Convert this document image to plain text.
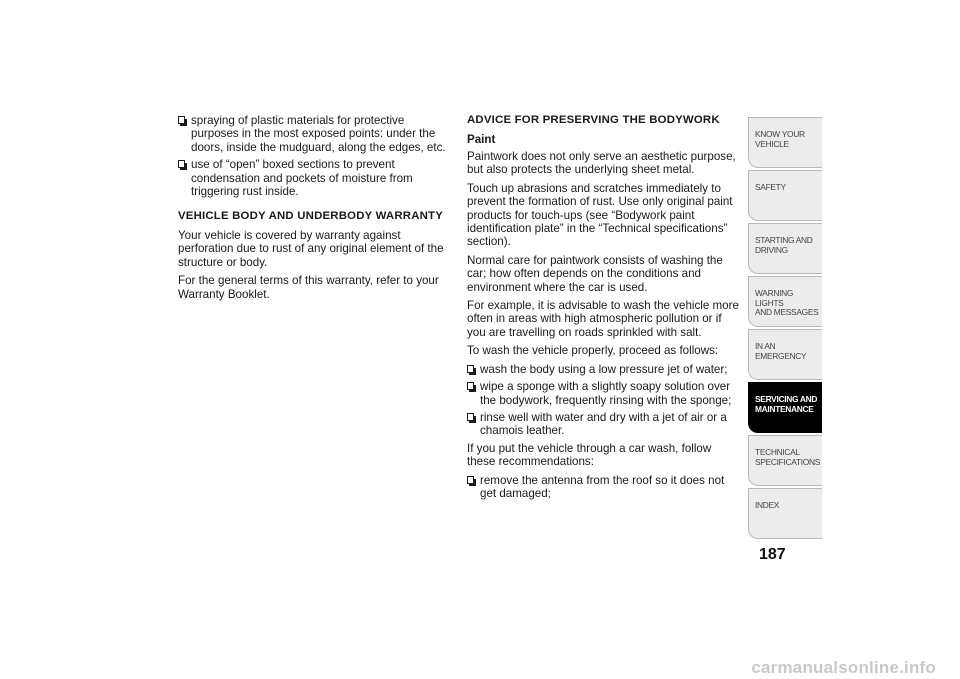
spraying of plastic materials for protective purposes in the most exposed points: under the doors, inside the mudguard, along the edges, etc.
use of “open” boxed sections to prevent condensation and pockets of moisture from triggering rust inside.
VEHICLE BODY AND UNDERBODY WARRANTY

Your vehicle is covered by warranty against perforation due to rust of any original element of the structure or body.

For the general terms of this warranty, refer to your Warranty Booklet.

ADVICE FOR PRESERVING THE BODYWORK
Paint

Paintwork does not only serve an aesthetic purpose, but also protects the underlying sheet metal.

Touch up abrasions and scratches immediately to prevent the formation of rust. Use only original paint products for touch-ups (see “Bodywork paint identification plate” in the “Technical specifications” section).

Normal care for paintwork consists of washing the car; how often depends on the conditions and environment where the car is used.

For example, it is advisable to wash the vehicle more often in areas with high atmospheric pollution or if you are travelling on roads sprinkled with salt.

To wash the vehicle properly, proceed as follows:

wash the body using a low pressure jet of water;
wipe a sponge with a slightly soapy solution over the bodywork, frequently rinsing with the sponge;
rinse well with water and dry with a jet of air or a chamois leather.

If you put the vehicle through a car wash, follow these recommendations:

remove the antenna from the roof so it does not get damaged;
KNOW YOUR
VEHICLE
SAFETY
STARTING AND
DRIVING
WARNING LIGHTS
AND MESSAGES
IN AN EMERGENCY
SERVICING AND
MAINTENANCE
TECHNICAL
SPECIFICATIONS
INDEX
187
carmanualsonline.info
